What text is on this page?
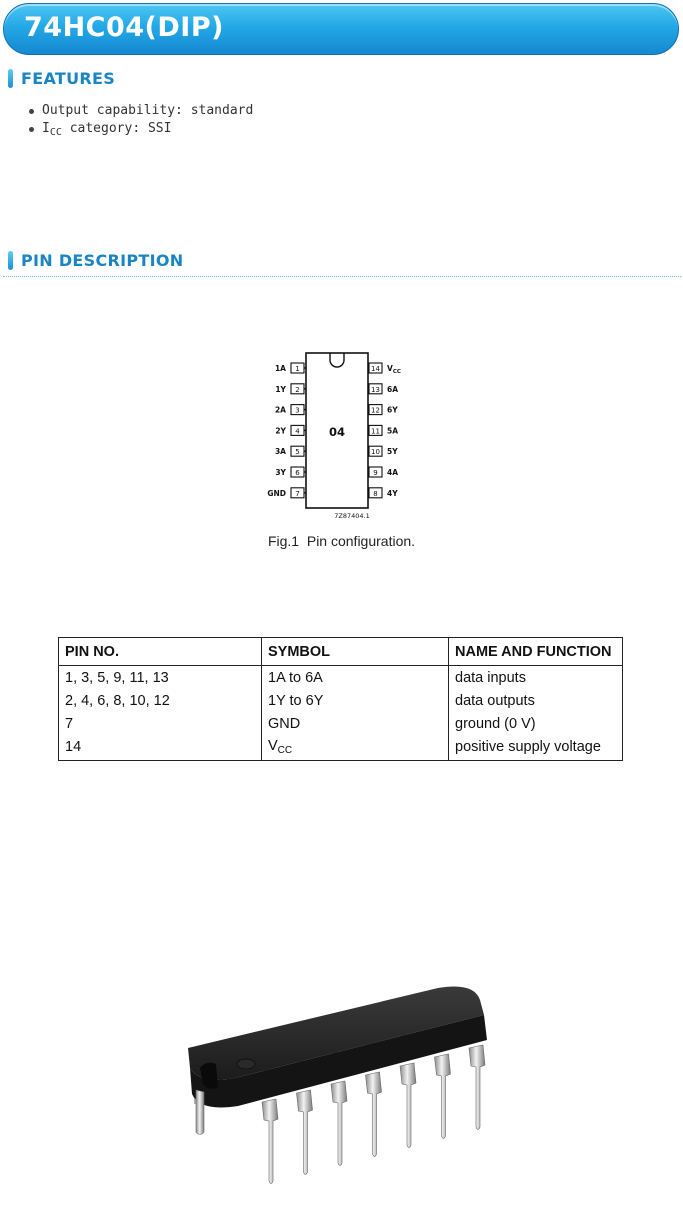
74HC04(DIP)
FEATURES
Output capability: standard
$I_{CC}$ category: SSI
PIN DESCRIPTION
04
7Z87404.1
1
1A
2
1Y
3
2A
4
2Y
5
3A
6
3Y
7
GND
14 $V_{CC}$
13 6A
12 6Y
11 5A
10 5Y
9 4A
8 4Y
Fig.1 Pin configuration.
PIN NO.	SYMBOL	NAME AND FUNCTION
1, 3, 5, 9, 11, 13	1A to 6A	data inputs
2, 4, 6, 8, 10, 12	1Y to 6Y	data outputs
7	GND	ground (0 V)
14	$V_{CC}$	positive supply voltage
